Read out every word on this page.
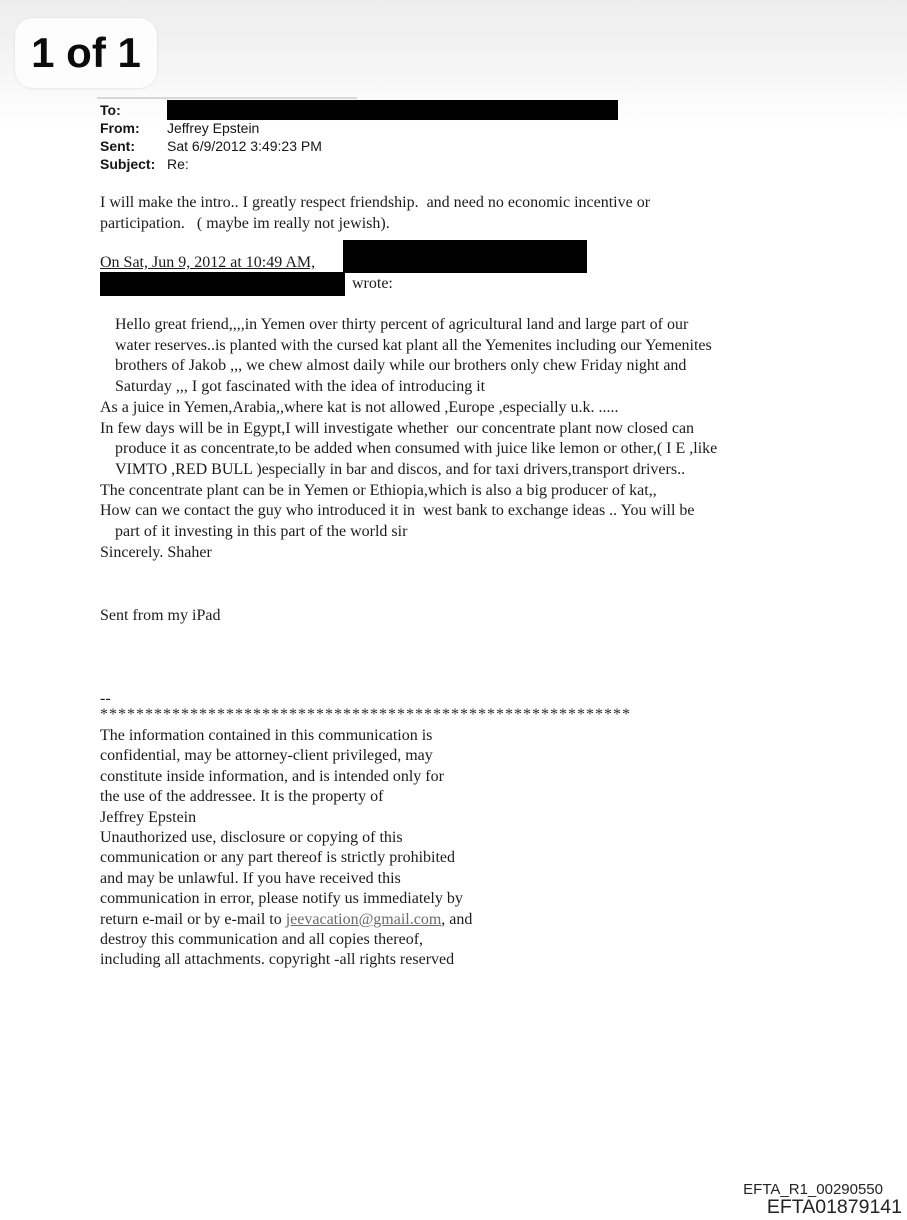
1 of 1
To:
From: Jeffrey Epstein
Sent: Sat 6/9/2012 3:49:23 PM
Subject: Re:
I will make the intro.. I greatly respect friendship.  and need no economic incentive or
participation.   ( maybe im really not jewish).
On Sat, Jun 9, 2012 at 10:49 AM,
wrote:
Hello great friend,,,,in Yemen over thirty percent of agricultural land and large part of our
water reserves..is planted with the cursed kat plant all the Yemenites including our Yemenites
brothers of Jakob ,,, we chew almost daily while our brothers only chew Friday night and
Saturday ,,, I got fascinated with the idea of introducing it
As a juice in Yemen,Arabia,,where kat is not allowed ,Europe ,especially u.k. .....
In few days will be in Egypt,I will investigate whether  our concentrate plant now closed can
produce it as concentrate,to be added when consumed with juice like lemon or other,( I E ,like
VIMTO ,RED BULL )especially in bar and discos, and for taxi drivers,transport drivers..
The concentrate plant can be in Yemen or Ethiopia,which is also a big producer of kat,,
How can we contact the guy who introduced it in  west bank to exchange ideas .. You will be
part of it investing in this part of the world sir
Sincerely. Shaher
Sent from my iPad
--
***********************************************************
The information contained in this communication is
confidential, may be attorney-client privileged, may
constitute inside information, and is intended only for
the use of the addressee. It is the property of
Jeffrey Epstein
Unauthorized use, disclosure or copying of this
communication or any part thereof is strictly prohibited
and may be unlawful. If you have received this
communication in error, please notify us immediately by
return e-mail or by e-mail to jeevacation@gmail.com, and
destroy this communication and all copies thereof,
including all attachments. copyright -all rights reserved
EFTA_R1_00290550
EFTA01879141
